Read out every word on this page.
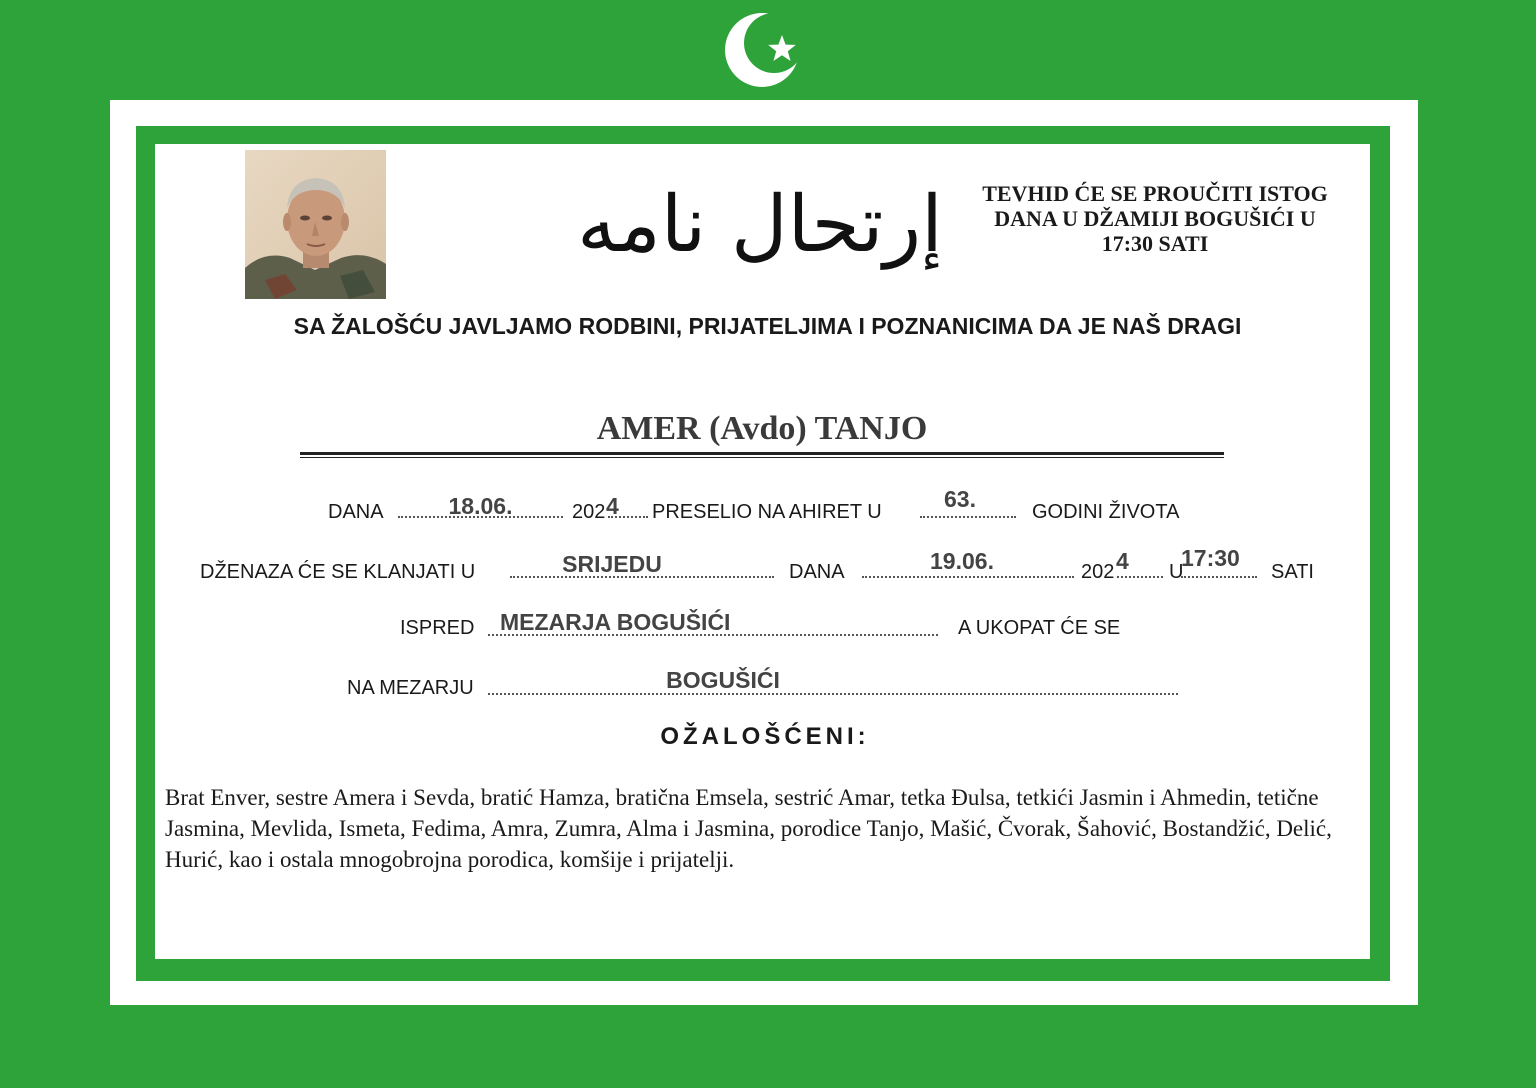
إرتحال نامه	TEVHID ĆE SE PROUČITI ISTOG
DANA U DŽAMIJI BOGUŠIĆI U
17:30 SATI
SA ŽALOŠĆU JAVLJAMO RODBINI, PRIJATELJIMA I POZNANICIMA DA JE NAŠ DRAGI
AMER (Avdo) TANJO
DANA	18.06.	202 4 PRESELIO NA AHIRET U	63.	GODINI ŽIVOTA
DŽENAZA ĆE SE KLANJATI U	SRIJEDU	DANA	19.06.	202 4 U
17:30
SATI
ISPRED MEZARJA BOGUŠIĆI	A UKOPAT ĆE SE
NA MEZARJU	BOGUŠIĆI
OŽALOŠĆENI:
Brat Enver, sestre Amera i Sevda, bratić Hamza, bratična Emsela, sestrić Amar, tetka Đulsa, tetkići Jasmin i Ahmedin, tetične Jasmina, Mevlida, Ismeta, Fedima, Amra, Zumra, Alma i Jasmina, porodice Tanjo, Mašić, Čvorak, Šahović, Bostandžić, Delić, Hurić, kao i ostala mnogobrojna porodica, komšije i prijatelji.
